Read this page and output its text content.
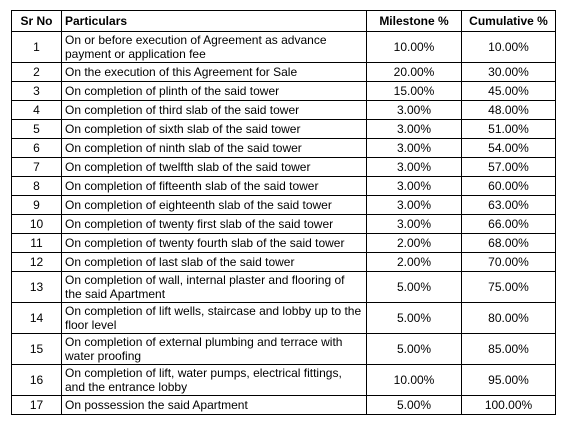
Sr No	Particulars	Milestone %	Cumulative %
1	On or before execution of Agreement as advance payment or application fee	10.00%	10.00%
2	On the execution of this Agreement for Sale	20.00%	30.00%
3	On completion of plinth of the said tower	15.00%	45.00%
4	On completion of third slab of the said tower	3.00%	48.00%
5	On completion of sixth slab of the said tower	3.00%	51.00%
6	On completion of ninth slab of the said tower	3.00%	54.00%
7	On completion of twelfth slab of the said tower	3.00%	57.00%
8	On completion of fifteenth slab of the said tower	3.00%	60.00%
9	On completion of eighteenth slab of the said tower	3.00%	63.00%
10	On completion of twenty first slab of the said tower	3.00%	66.00%
11	On completion of twenty fourth slab of the said tower	2.00%	68.00%
12	On completion of last slab of the said tower	2.00%	70.00%
13	On completion of wall, internal plaster and flooring of the said Apartment	5.00%	75.00%
14	On completion of lift wells, staircase and lobby up to the floor level	5.00%	80.00%
15	On completion of external plumbing and terrace with water proofing	5.00%	85.00%
16	On completion of lift, water pumps, electrical fittings, and the entrance lobby	10.00%	95.00%
17	On possession the said Apartment	5.00%	100.00%
